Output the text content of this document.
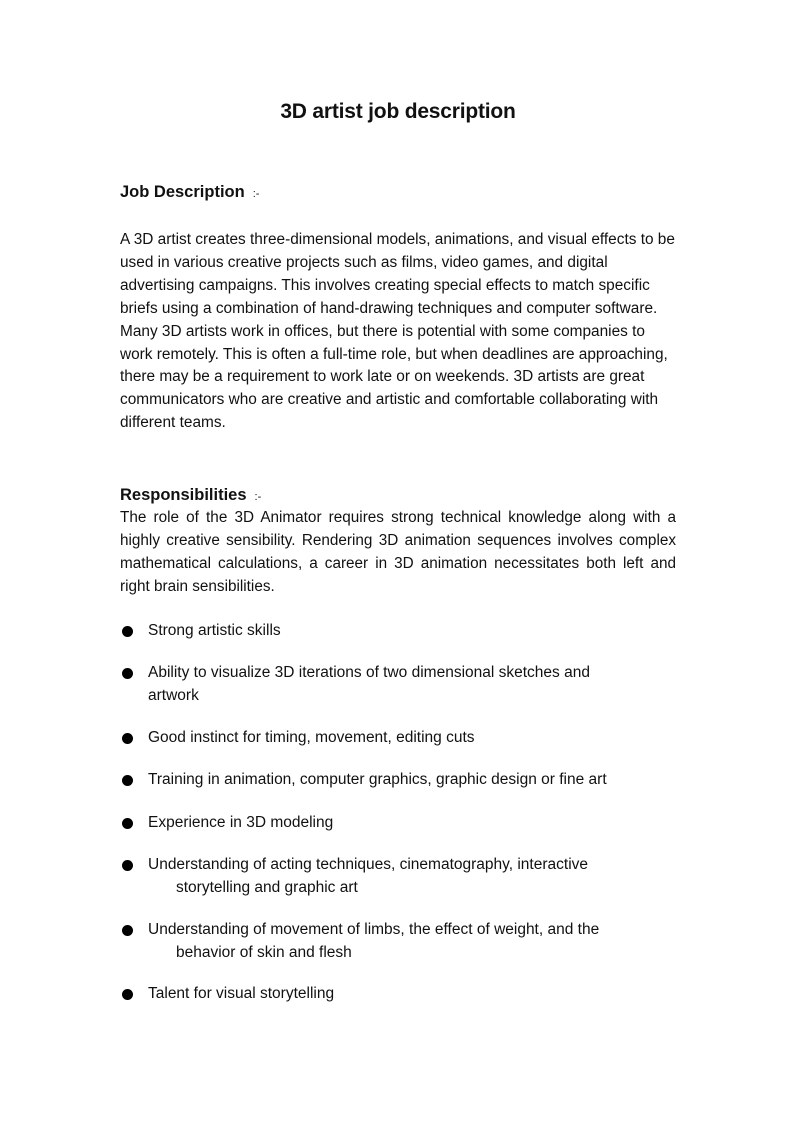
3D artist job description
Job Description :-

A 3D artist creates three-dimensional models, animations, and visual effects to be used in various creative projects such as films, video games, and digital advertising campaigns. This involves creating special effects to match specific briefs using a combination of hand-drawing techniques and computer software. Many 3D artists work in offices, but there is potential with some companies to work remotely. This is often a full-time role, but when deadlines are approaching, there may be a requirement to work late or on weekends. 3D artists are great communicators who are creative and artistic and comfortable collaborating with different teams.

Responsibilities :-

The role of the 3D Animator requires strong technical knowledge along with a highly creative sensibility. Rendering 3D animation sequences involves complex mathematical calculations, a career in 3D animation necessitates both left and right brain sensibilities.

Strong artistic skills
Ability to visualize 3D iterations of two dimensional sketches and
artwork
Good instinct for timing, movement, editing cuts
Training in animation, computer graphics, graphic design or fine art
Experience in 3D modeling
Understanding of acting techniques, cinematography, interactive
storytelling and graphic art
Understanding of movement of limbs, the effect of weight, and the
behavior of skin and flesh
Talent for visual storytelling
